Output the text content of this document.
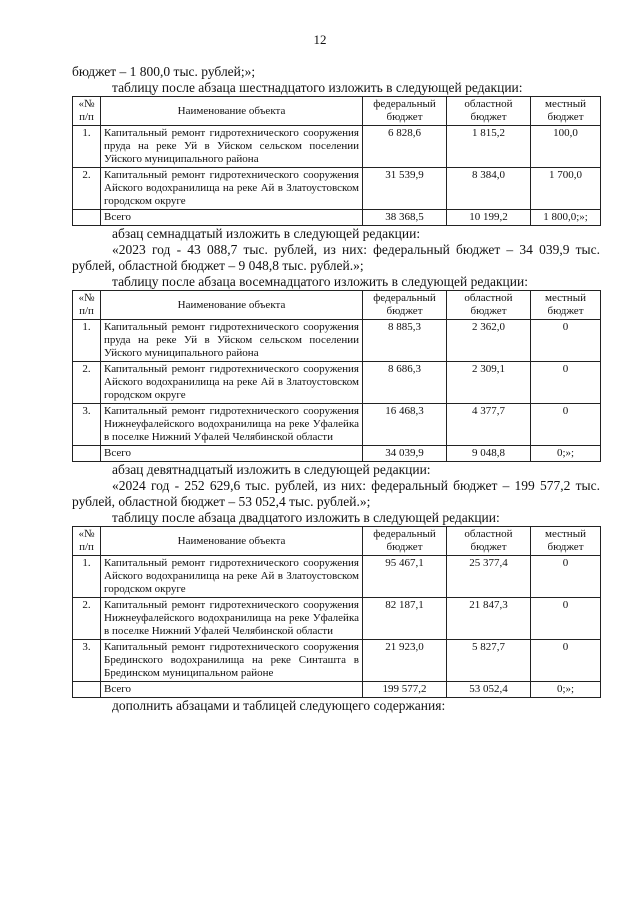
12

бюджет – 1 800,0 тыс. рублей;»;

таблицу после абзаца шестнадцатого изложить в следующей редакции:

«№ п/п	Наименование объекта	федеральный бюджет	областной бюджет	местный бюджет
1.	Капитальный ремонт гидротехнического сооружения пруда на реке Уй в Уйском сельском поселении Уйского муниципального района	6 828,6	1 815,2	100,0
2.	Капитальный ремонт гидротехнического сооружения Айского водохранилища на реке Ай в Златоустовском городском округе	31 539,9	8 384,0	1 700,0
	Всего	38 368,5	10 199,2	1 800,0;»;

абзац семнадцатый изложить в следующей редакции:

«2023 год - 43 088,7 тыс. рублей, из них: федеральный бюджет – 34 039,9 тыс. рублей, областной бюджет – 9 048,8 тыс. рублей.»;

таблицу после абзаца восемнадцатого изложить в следующей редакции:

«№ п/п	Наименование объекта	федеральный бюджет	областной бюджет	местный бюджет
1.	Капитальный ремонт гидротехнического сооружения пруда на реке Уй в Уйском сельском поселении Уйского муниципального района	8 885,3	2 362,0	0
2.	Капитальный ремонт гидротехнического сооружения Айского водохранилища на реке Ай в Златоустовском городском округе	8 686,3	2 309,1	0
3.	Капитальный ремонт гидротехнического сооружения Нижнеуфалейского водохранилища на реке Уфалейка в поселке Нижний Уфалей Челябинской области	16 468,3	4 377,7	0
	Всего	34 039,9	9 048,8	0;»;

абзац девятнадцатый изложить в следующей редакции:

«2024 год - 252 629,6 тыс. рублей, из них: федеральный бюджет – 199 577,2 тыс. рублей, областной бюджет – 53 052,4 тыс. рублей.»;

таблицу после абзаца двадцатого изложить в следующей редакции:

«№ п/п	Наименование объекта	федеральный бюджет	областной бюджет	местный бюджет
1.	Капитальный ремонт гидротехнического сооружения Айского водохранилища на реке Ай в Златоустовском городском округе	95 467,1	25 377,4	0
2.	Капитальный ремонт гидротехнического сооружения Нижнеуфалейского водохранилища на реке Уфалейка в поселке Нижний Уфалей Челябинской области	82 187,1	21 847,3	0
3.	Капитальный ремонт гидротехнического сооружения Брединского водохранилища на реке Синташта в Брединском муниципальном районе	21 923,0	5 827,7	0
	Всего	199 577,2	53 052,4	0;»;

дополнить абзацами и таблицей следующего содержания:
